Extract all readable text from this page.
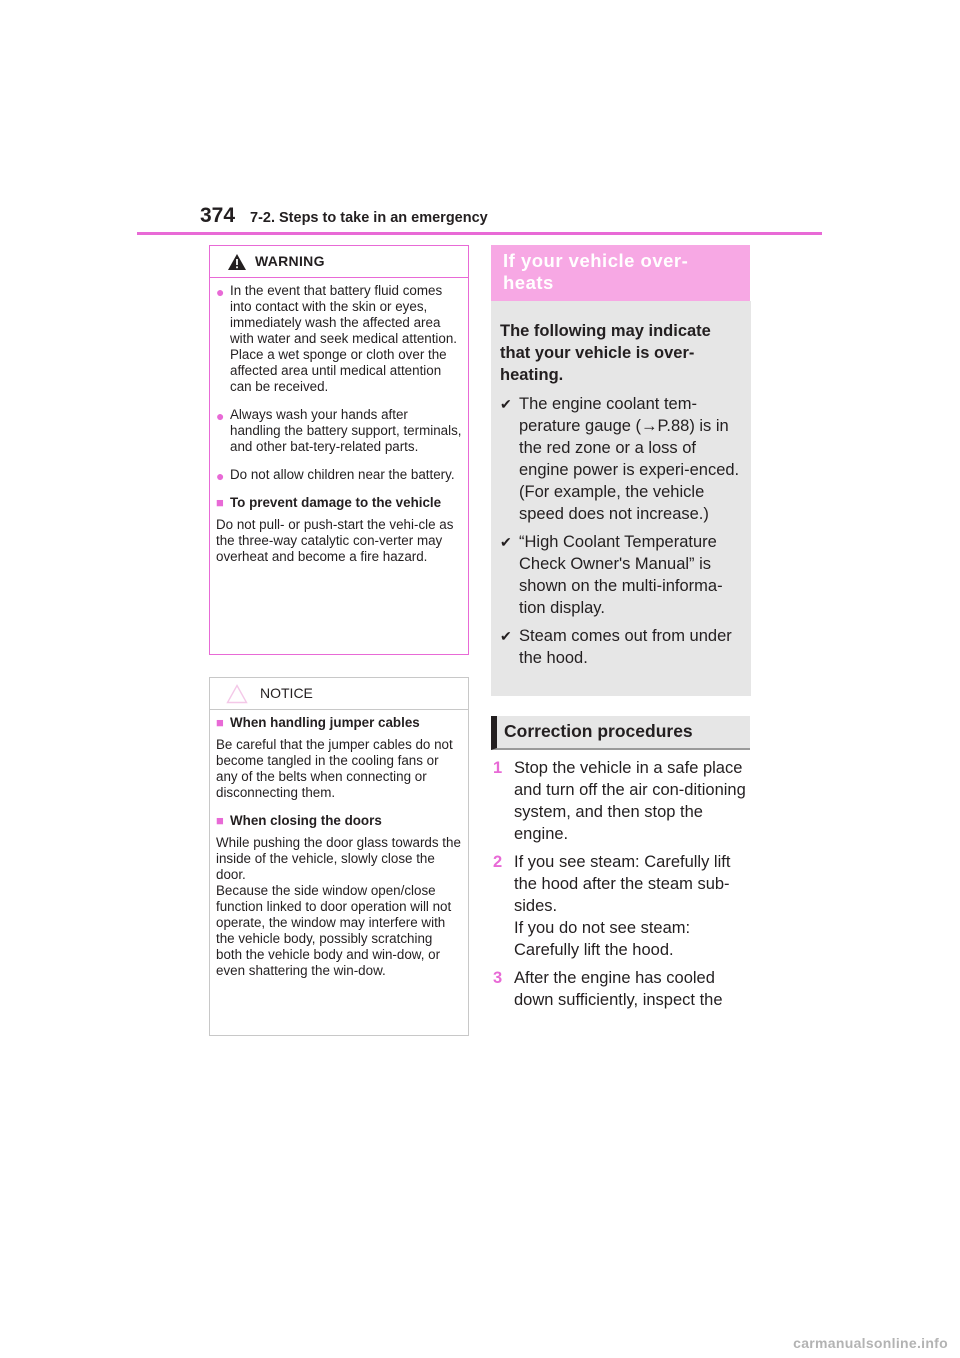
374 7-2. Steps to take in an emergency
WARNING
● In the event that battery fluid comes into contact with the skin or eyes, immediately wash the affected area with water and seek medical attention. Place a wet sponge or cloth over the affected area until medical attention can be received.
● Always wash your hands after handling the battery support, terminals, and other bat-tery-related parts.
● Do not allow children near the battery.
■ To prevent damage to the vehicle
Do not pull- or push-start the vehi-cle as the three-way catalytic con-verter may overheat and become a fire hazard.
NOTICE
■ When handling jumper cables
Be careful that the jumper cables do not become tangled in the cooling fans or any of the belts when connecting or disconnecting them.
■ When closing the doors
While pushing the door glass towards the inside of the vehicle, slowly close the door.
Because the side window open/close function linked to door operation will not operate, the window may interfere with the vehicle body, possibly scratching both the vehicle body and win-dow, or even shattering the win-dow.
If your vehicle over-heats
The following may indicate that your vehicle is over-heating.
✔ The engine coolant tem-perature gauge (→P.88) is in the red zone or a loss of engine power is experi-enced. (For example, the vehicle speed does not increase.)
✔ “High Coolant Temperature Check Owner's Manual” is shown on the multi-informa-tion display.
✔ Steam comes out from under the hood.
Correction procedures
1 Stop the vehicle in a safe place and turn off the air con-ditioning system, and then stop the engine.
2 If you see steam: Carefully lift the hood after the steam sub-sides.
If you do not see steam: Carefully lift the hood.
3 After the engine has cooled down sufficiently, inspect the
carmanualsonline.info
